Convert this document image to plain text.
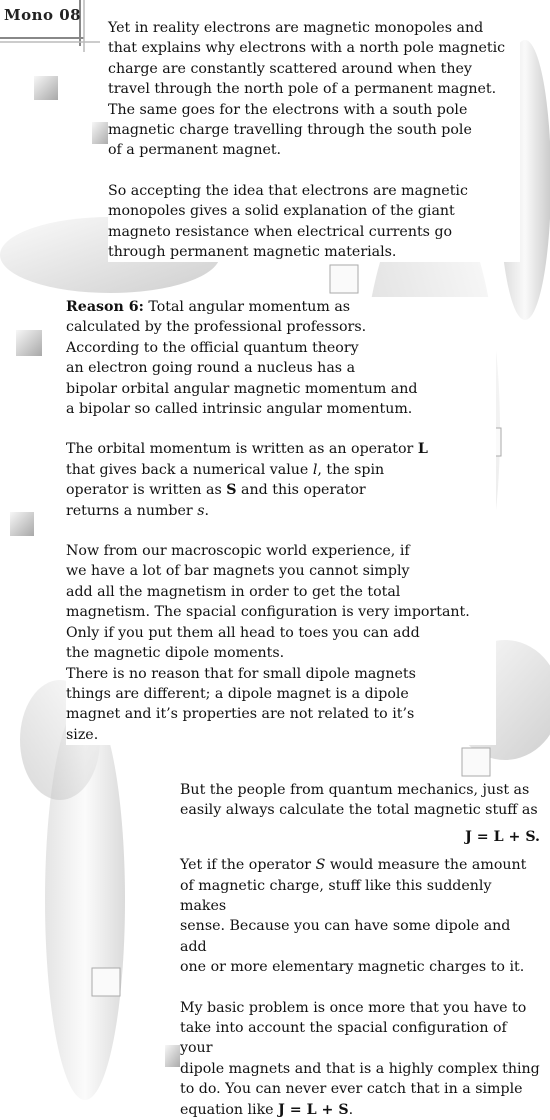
Mono 08

Yet in reality electrons are magnetic monopoles and
that explains why electrons with a north pole magnetic
charge are constantly scattered around when they
travel through the north pole of a permanent magnet.
The same goes for the electrons with a south pole
magnetic charge travelling through the south pole
of a permanent magnet.

So accepting the idea that electrons are magnetic
monopoles gives a solid explanation of the giant
magneto resistance when electrical currents go
through permanent magnetic materials.

Reason 6: Total angular momentum as
calculated by the professional professors.
According to the official quantum theory
an electron going round a nucleus has a
bipolar orbital angular magnetic momentum and
a bipolar so called intrinsic angular momentum.

The orbital momentum is written as an operator L
that gives back a numerical value l, the spin
operator is written as S and this operator
returns a number s.

Now from our macroscopic world experience, if
we have a lot of bar magnets you cannot simply
add all the magnetism in order to get the total
magnetism. The spacial configuration is very important.
Only if you put them all head to toes you can add
the magnetic dipole moments.
There is no reason that for small dipole magnets
things are different; a dipole magnet is a dipole
magnet and it’s properties are not related to it’s
size.

But the people from quantum mechanics, just as
easily always calculate the total magnetic stuff as

J = L + S.

Yet if the operator S would measure the amount
of magnetic charge, stuff like this suddenly makes
sense. Because you can have some dipole and add
one or more elementary magnetic charges to it.

My basic problem is once more that you have to
take into account the spacial configuration of your
dipole magnets and that is a highly complex thing
to do. You can never ever catch that in a simple
equation like J = L + S.
